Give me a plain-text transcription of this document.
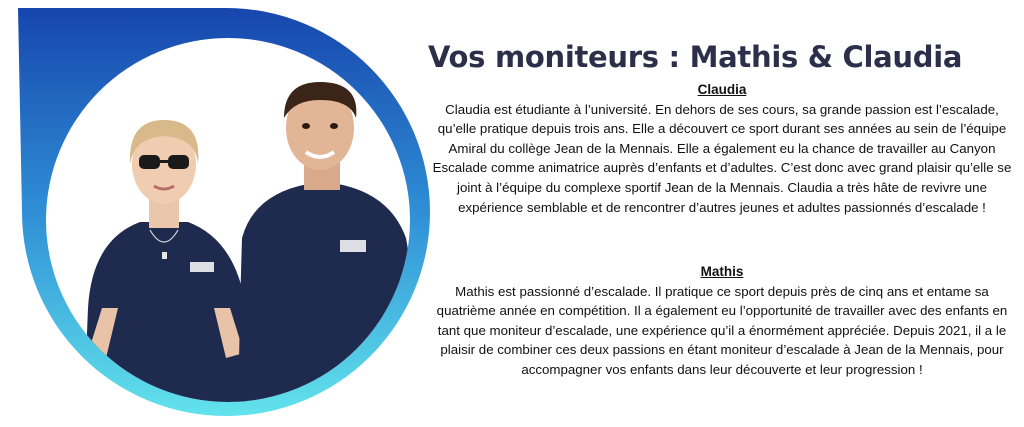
Vos moniteurs : Mathis & Claudia
Claudia

Claudia est étudiante à l’université. En dehors de ses cours, sa grande passion est l’escalade, qu’elle pratique depuis trois ans. Elle a découvert ce sport durant ses années au sein de l’équipe Amiral du collège Jean de la Mennais. Elle a également eu la chance de travailler au Canyon Escalade comme animatrice auprès d’enfants et d’adultes. C’est donc avec grand plaisir qu’elle se joint à l’équipe du complexe sportif Jean de la Mennais. Claudia a très hâte de revivre une expérience semblable et de rencontrer d’autres jeunes et adultes passionnés d’escalade !

Mathis

Mathis est passionné d’escalade. Il pratique ce sport depuis près de cinq ans et entame sa quatrième année en compétition. Il a également eu l’opportunité de travailler avec des enfants en tant que moniteur d’escalade, une expérience qu’il a énormément appréciée. Depuis 2021, il a le plaisir de combiner ces deux passions en étant moniteur d’escalade à Jean de la Mennais, pour accompagner vos enfants dans leur découverte et leur progression !
